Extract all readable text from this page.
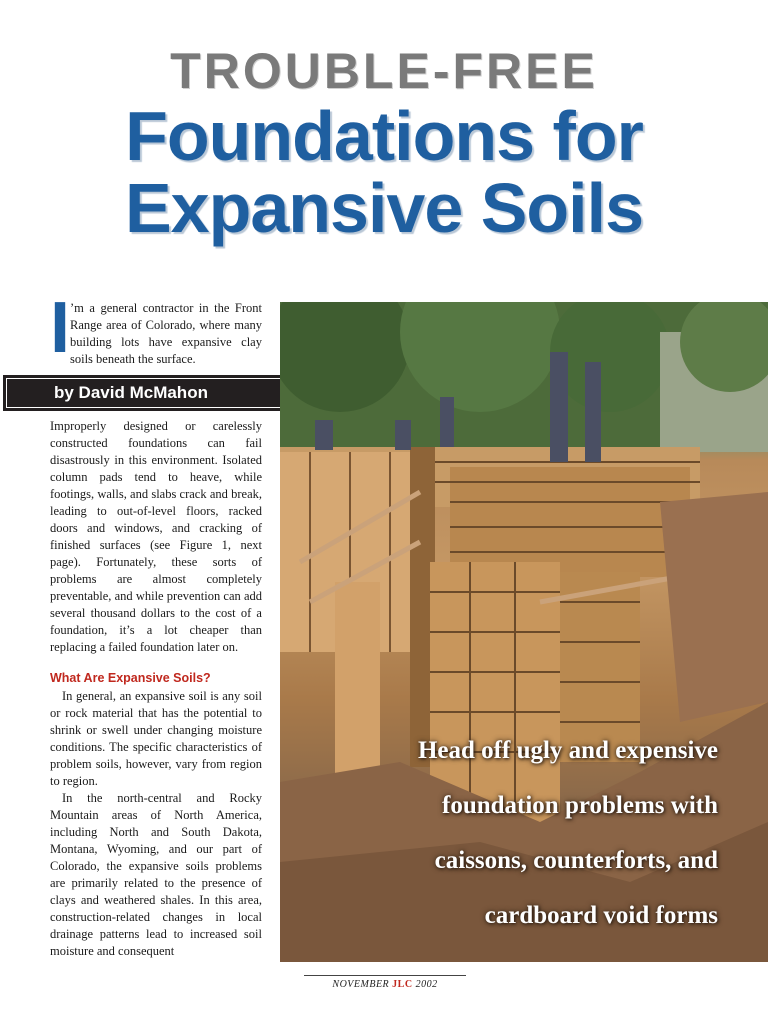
TROUBLE-FREE
Foundations for
Expansive Soils
I ’m a general contractor in the Front Range area of Colorado, where many building lots have expansive clay soils beneath the surface.

by David McMahon

Improperly designed or carelessly constructed foundations can fail disastrously in this environment. Isolated column pads tend to heave, while footings, walls, and slabs crack and break, leading to out-of-level floors, racked doors and windows, and cracking of finished surfaces (see Figure 1, next page). Fortunately, these sorts of problems are almost completely preventable, and while prevention can add several thousand dollars to the cost of a foundation, it’s a lot cheaper than replacing a failed foundation later on.

What Are Expansive Soils?

In general, an expansive soil is any soil or rock material that has the potential to shrink or swell under changing moisture conditions. The specific characteristics of problem soils, however, vary from region to region.

In the north-central and Rocky Mountain areas of North America, including North and South Dakota, Montana, Wyoming, and our part of Colorado, the expansive soils problems are primarily related to the presence of clays and weathered shales. In this area, construction-related changes in local drainage patterns lead to increased soil moisture and consequent

Head off ugly and expensive
foundation problems with
caissons, counterforts, and
cardboard void forms
NOVEMBER JLC 2002
